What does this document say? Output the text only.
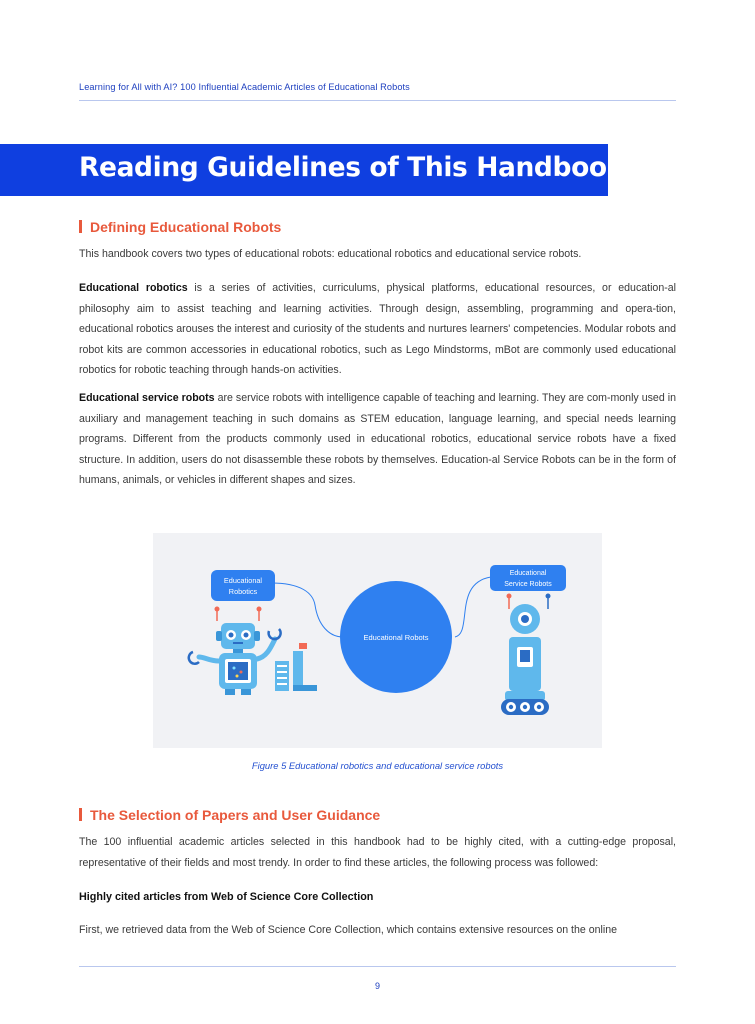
Learning for All with AI? 100 Influential Academic Articles of Educational Robots
Reading Guidelines of This Handbook
Defining Educational Robots

This handbook covers two types of educational robots: educational robotics and educational service robots.

Educational robotics is a series of activities, curriculums, physical platforms, educational resources, or education-al philosophy aim to assist teaching and learning activities. Through design, assembling, programming and opera-tion, educational robotics arouses the interest and curiosity of the students and nurtures learners' competencies. Modular robots and robot kits are common accessories in educational robotics, such as Lego Mindstorms, mBot are commonly used educational robotics for robotic teaching through hands-on activities.

Educational service robots are service robots with intelligence capable of teaching and learning. They are com-monly used in auxiliary and management teaching in such domains as STEM education, language learning, and special needs learning programs. Different from the products commonly used in educational robotics, educational service robots have a fixed structure. In addition, users do not disassemble these robots by themselves. Education-al Service Robots can be in the form of humans, animals, or vehicles in different shapes and sizes.

Educational Robots
Educational
Robotics
Educational
Service Robots
Figure 5 Educational robotics and educational service robots
The Selection of Papers and User Guidance

The 100 influential academic articles selected in this handbook had to be highly cited, with a cutting-edge proposal, representative of their fields and most trendy. In order to find these articles, the following process was followed:

Highly cited articles from Web of Science Core Collection

First, we retrieved data from the Web of Science Core Collection, which contains extensive resources on the online

9
